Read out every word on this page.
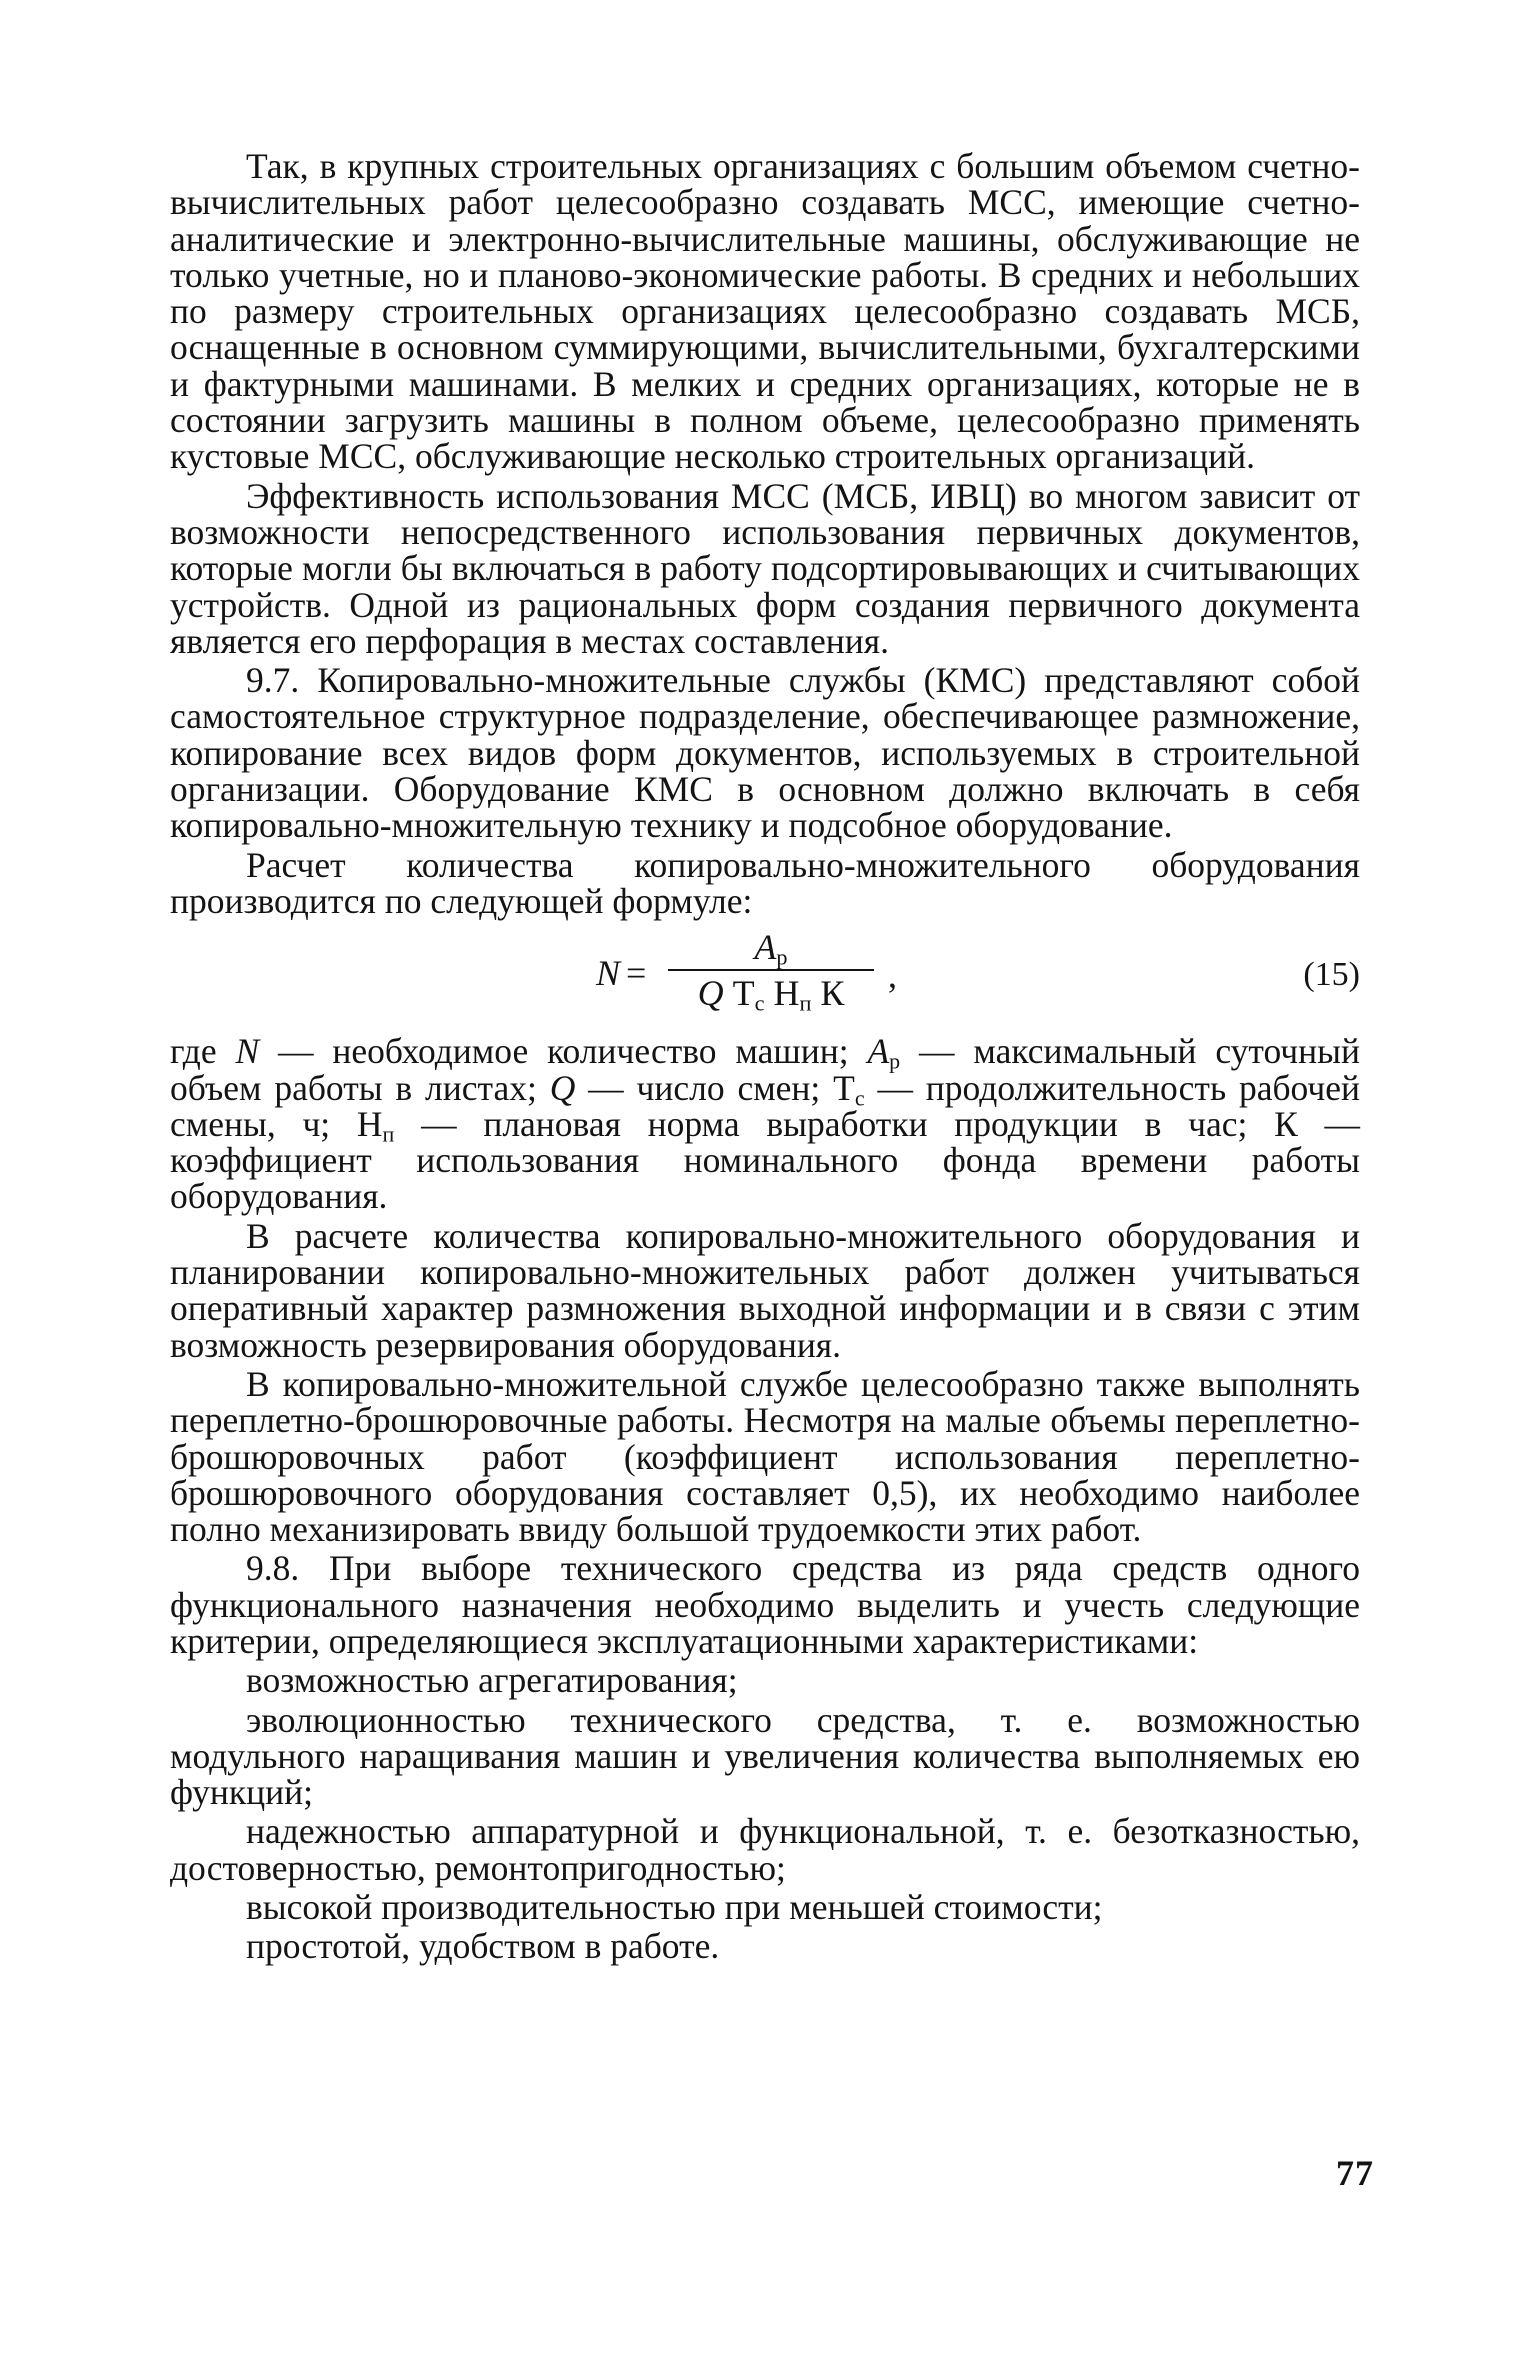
Так, в крупных строительных организациях с большим объемом счетно-вычислительных работ целесообразно создавать МСС, имеющие счетно-аналитические и электронно-вычислительные машины, обслуживающие не только учетные, но и планово-экономические работы. В средних и небольших по размеру строительных организациях целесообразно создавать МСБ, оснащенные в основном суммирующими, вычислительными, бухгалтерскими и фактурными машинами. В мелких и средних организациях, которые не в состоянии загрузить машины в полном объеме, целесообразно применять кустовые МСС, обслуживающие несколько строительных организаций.

Эффективность использования МСС (МСБ, ИВЦ) во многом зависит от возможности непосредственного использования первичных документов, которые могли бы включаться в работу подсортировывающих и считывающих устройств. Одной из рациональных форм создания первичного документа является его перфорация в местах составления.

9.7. Копировально-множительные службы (КМС) представляют собой самостоятельное структурное подразделение, обеспечивающее размножение, копирование всех видов форм документов, используемых в строительной организации. Оборудование КМС в основном должно включать в себя копировально-множительную технику и подсобное оборудование.

Расчет количества копировально-множительного оборудования производится по следующей формуле:

N =
$A_р$
Q $Т_с$ $Н_п$ К	,	(15)

где N — необходимое количество машин; $A_р$ — максимальный суточный объем работы в листах; Q — число смен; $Т_с$ — продолжительность рабочей смены, ч; $Н_п$ — плановая норма выработки продукции в час; К — коэффициент использования номинального фонда времени работы оборудования.

В расчете количества копировально-множительного оборудования и планировании копировально-множительных работ должен учитываться оперативный характер размножения выходной информации и в связи с этим возможность резервирования оборудования.

В копировально-множительной службе целесообразно также выполнять переплетно-брошюровочные работы. Несмотря на малые объемы переплетно-брошюровочных работ (коэффициент использования переплетно-брошюровочного оборудования составляет 0,5), их необходимо наиболее полно механизировать ввиду большой трудоемкости этих работ.

9.8. При выборе технического средства из ряда средств одного функционального назначения необходимо выделить и учесть следующие критерии, определяющиеся эксплуатационными характеристиками:

возможностью агрегатирования;

эволюционностью технического средства, т. е. возможностью модульного наращивания машин и увеличения количества выполняемых ею функций;

надежностью аппаратурной и функциональной, т. е. безотказностью, достоверностью, ремонтопригодностью;

высокой производительностью при меньшей стоимости;

простотой, удобством в работе.

77
